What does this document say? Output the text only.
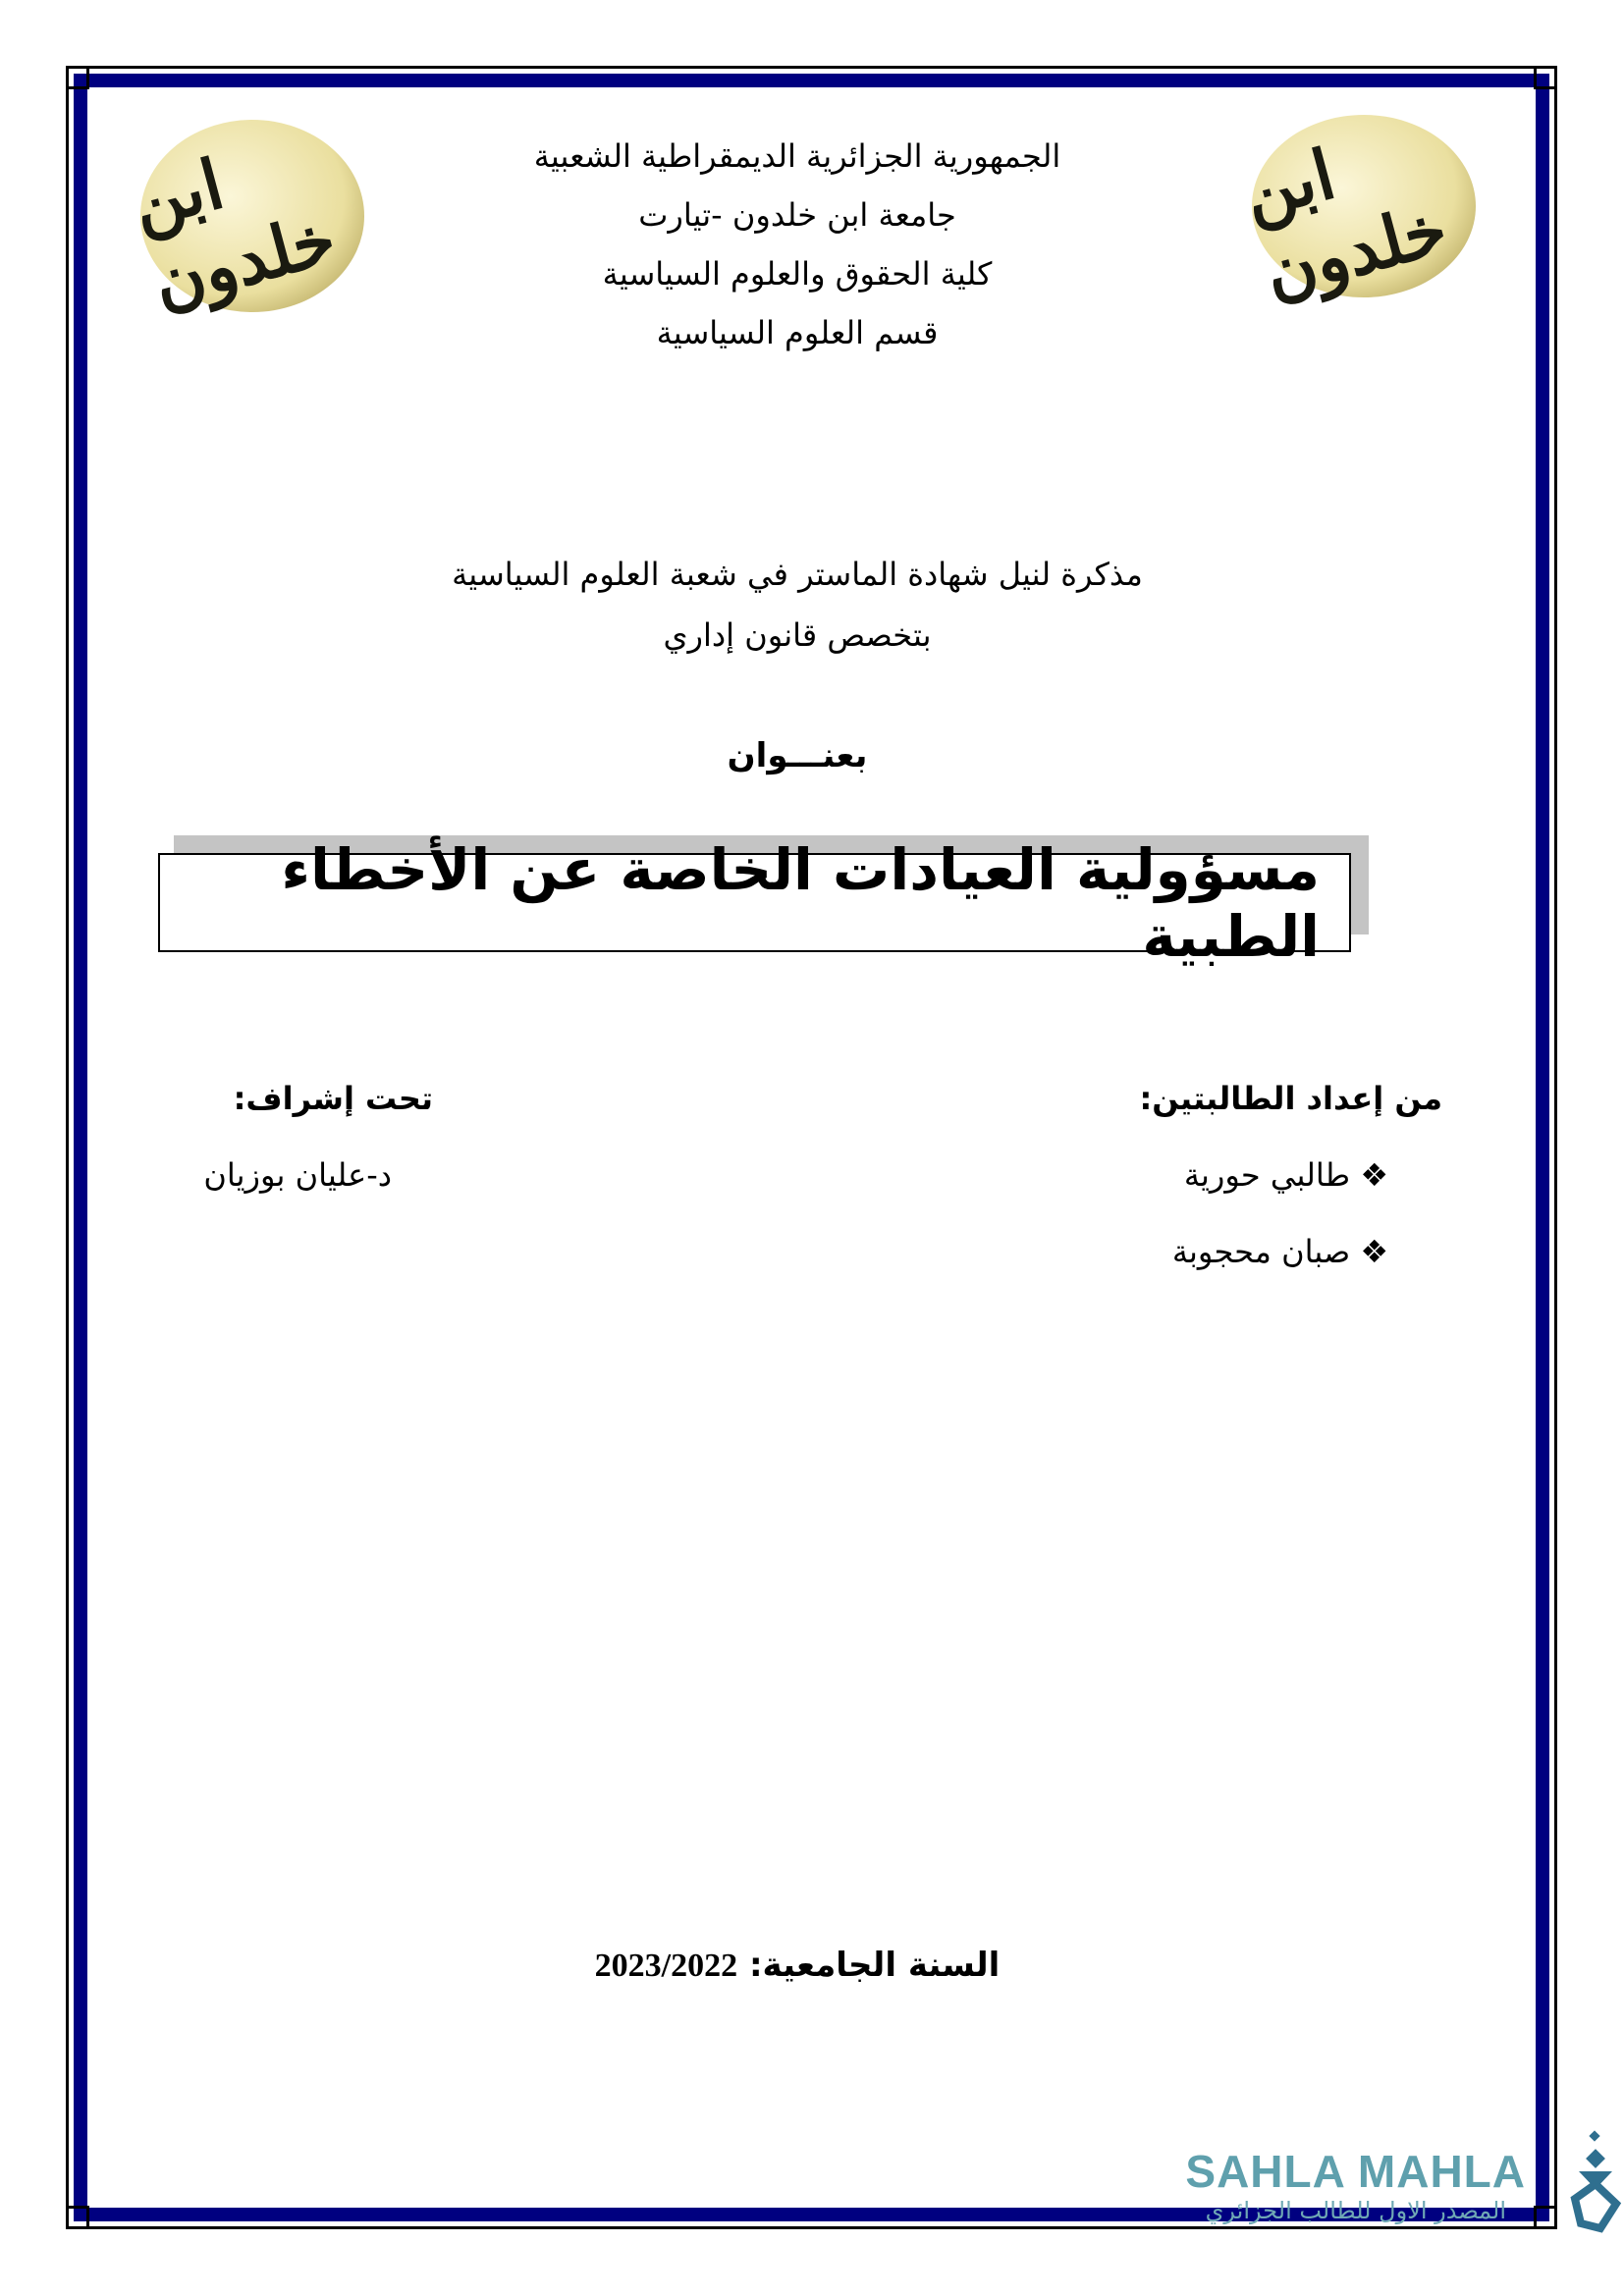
ابن خلدون
ابن خلدون
الجمهورية الجزائرية الديمقراطية الشعبية
جامعة ابن خلدون -تيارت
كلية الحقوق والعلوم السياسية
قسم العلوم السياسية
مذكرة لنيل شهادة الماستر في شعبة العلوم السياسية
بتخصص قانون إداري
بعنـــوان
مسؤولية العيادات الخاصة عن الأخطاء الطبية
من إعداد الطالبتين:
❖ طالبي حورية
❖ صبان محجوبة
تحت إشراف:
د-عليان بوزيان
السنة الجامعية: 2023/2022
SAHLA MAHLA
المصدر الاول للطالب الجزائري
